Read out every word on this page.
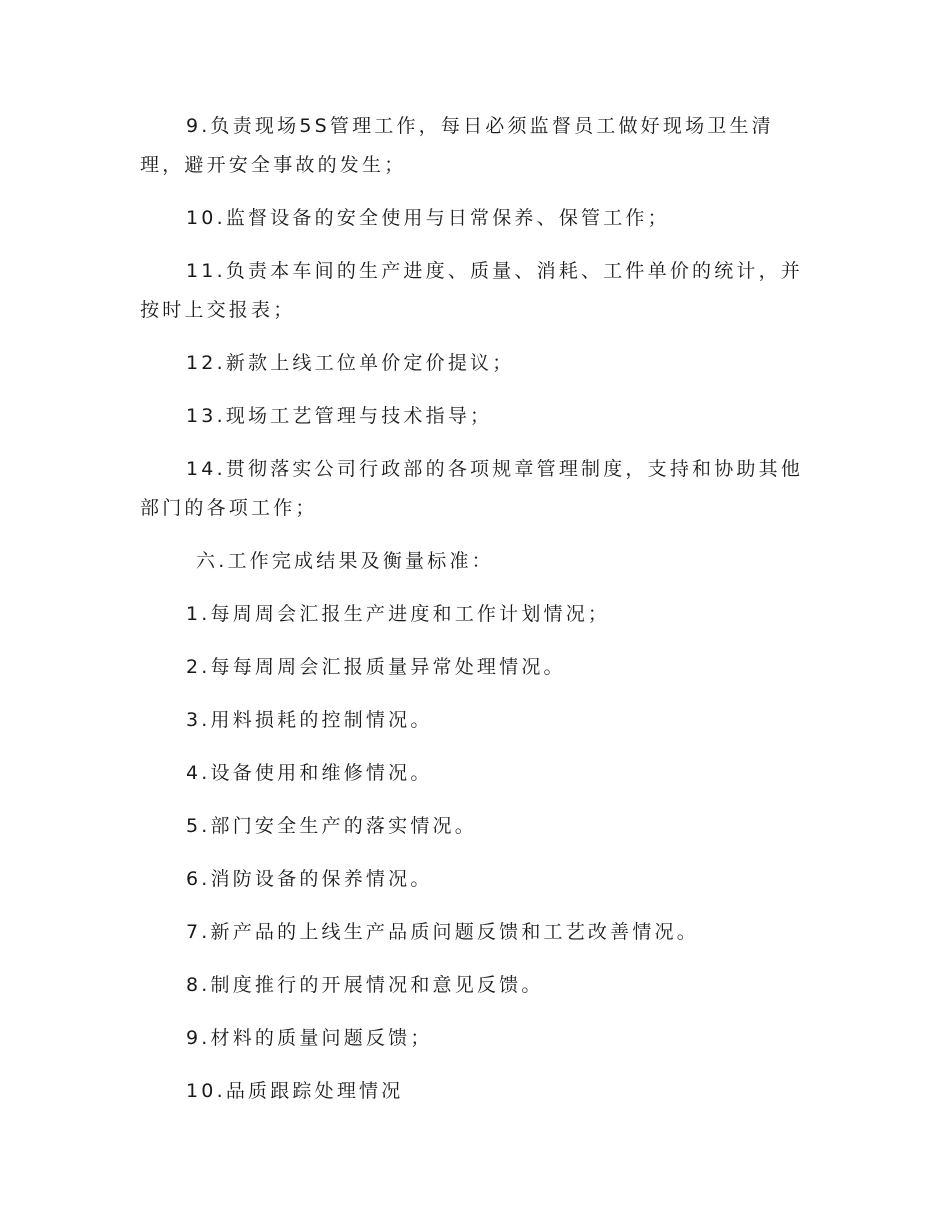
9.负责现场5S管理工作，每日必须监督员工做好现场卫生清理，避开安全事故的发生；

10.监督设备的安全使用与日常保养、保管工作；

11.负责本车间的生产进度、质量、消耗、工件单价的统计，并按时上交报表；

12.新款上线工位单价定价提议；

13.现场工艺管理与技术指导；

14.贯彻落实公司行政部的各项规章管理制度，支持和协助其他部门的各项工作；

六.工作完成结果及衡量标准：

1.每周周会汇报生产进度和工作计划情况；

2.每每周周会汇报质量异常处理情况。

3.用料损耗的控制情况。

4.设备使用和维修情况。

5.部门安全生产的落实情况。

6.消防设备的保养情况。

7.新产品的上线生产品质问题反馈和工艺改善情况。

8.制度推行的开展情况和意见反馈。

9.材料的质量问题反馈；

10.品质跟踪处理情况
